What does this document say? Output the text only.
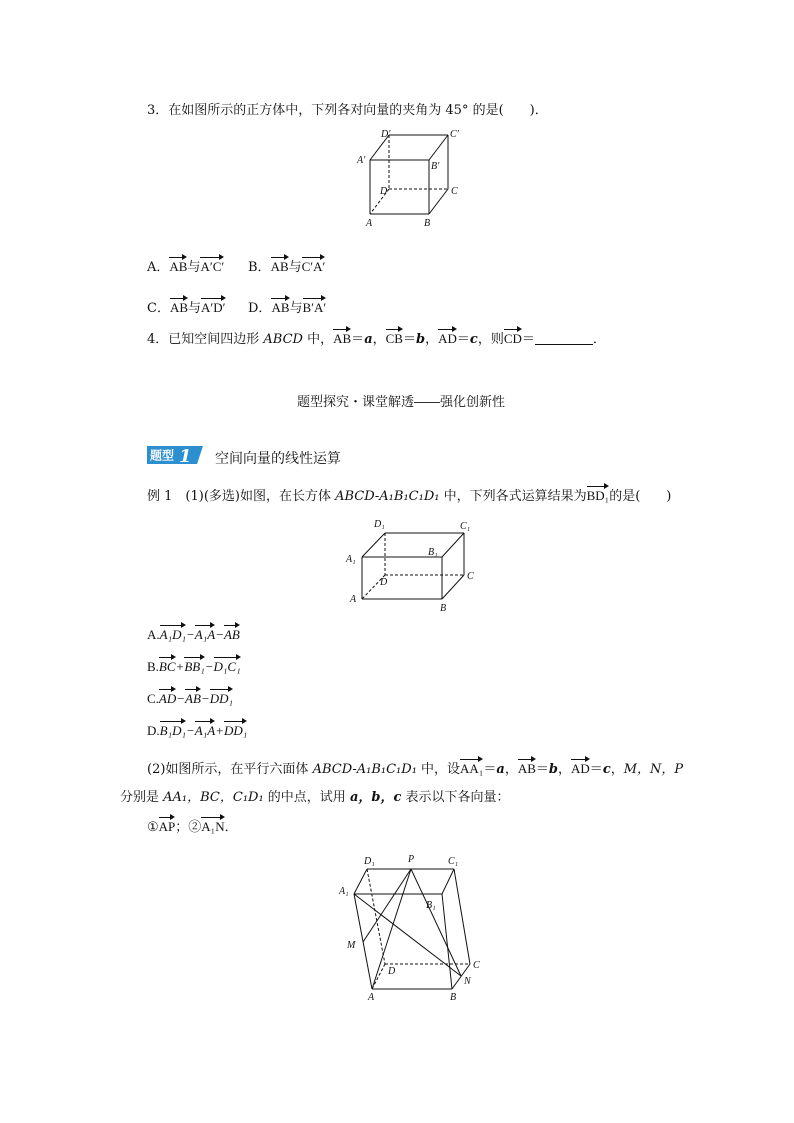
3．在如图所示的正方体中，下列各对向量的夹角为 45° 的是(　　)．
A	B
C
D
A′
B′
C′
D′
A．AB与A′C′ B．AB与C′A′
C．AB与A′D′ D．AB与B′A′
4．已知空间四边形 ABCD 中，AB＝a，CB＝b，AD＝c，则CD＝	．
题型探究・课堂解透——强化创新性
题型 1 空间向量的线性运算
例 1　(1)(多选)如图，在长方体 ABCD-A₁B₁C₁D₁ 中，下列各式运算结果为BD₁的是(　　)
A
B
C
D
A₁
B₁
C₁
D₁
A.A₁D₁−A₁A−AB
B.BC+BB₁−D₁C₁
C.AD−AB−DD₁
D.B₁D₁−A₁A+DD₁
(2)如图所示，在平行六面体 ABCD-A₁B₁C₁D₁ 中，设AA₁＝a，AB＝b，AD＝c，M，N，P
分别是 AA₁，BC，C₁D₁ 的中点，试用 a，b，c 表示以下各向量：
①AP；②A₁N．
A	B
C
D
A₁
B₁
C₁
D₁
M
N
P
